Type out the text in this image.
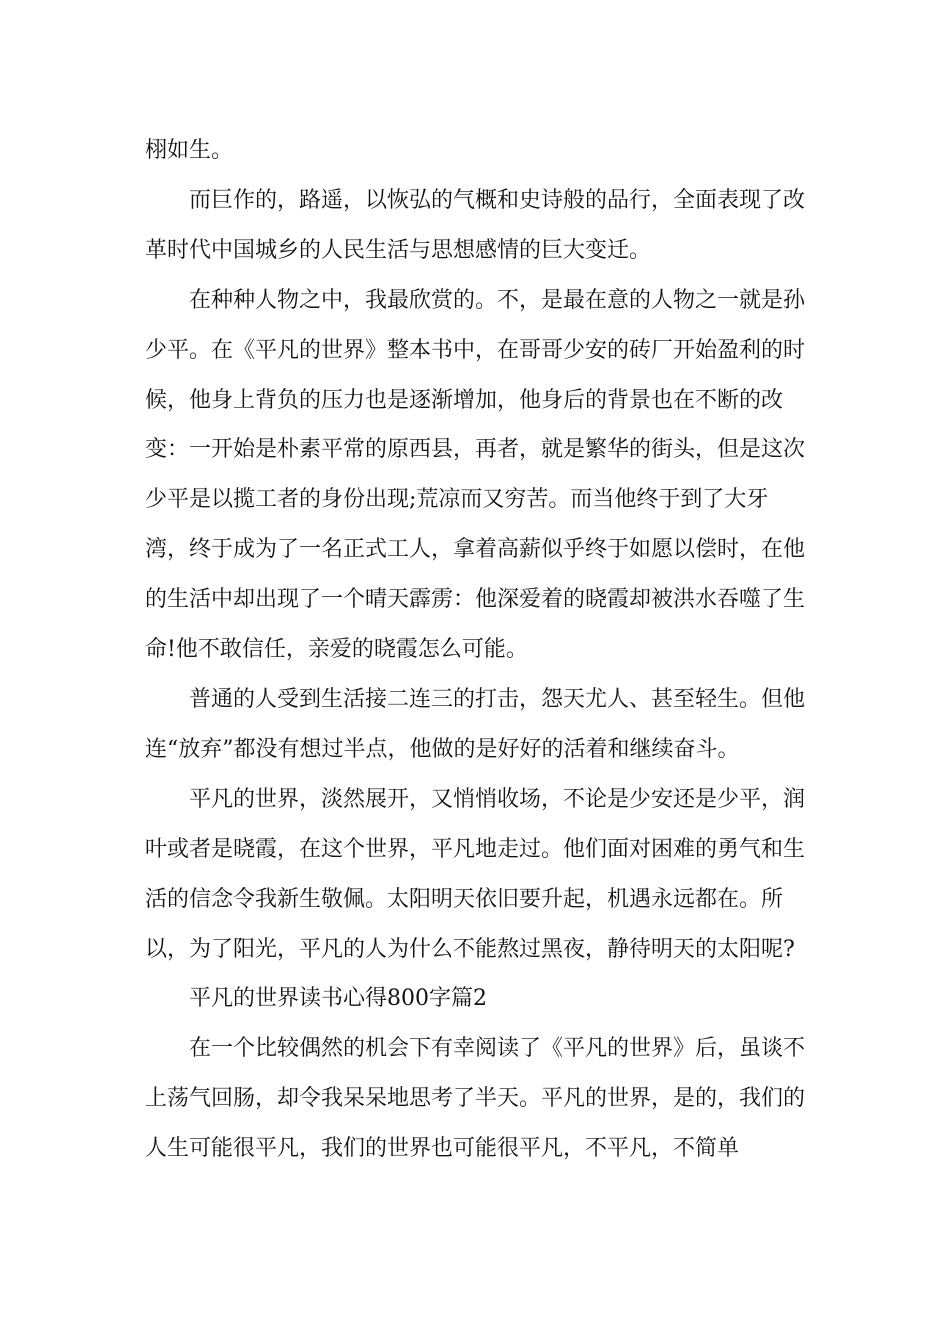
栩如生。

而巨作的，路遥，以恢弘的气概和史诗般的品行，全面表现了改革时代中国城乡的人民生活与思想感情的巨大变迁。

在种种人物之中，我最欣赏的。不，是最在意的人物之一就是孙少平。在《平凡的世界》整本书中，在哥哥少安的砖厂开始盈利的时候，他身上背负的压力也是逐渐增加，他身后的背景也在不断的改变：一开始是朴素平常的原西县，再者，就是繁华的街头，但是这次少平是以揽工者的身份出现;荒凉而又穷苦。而当他终于到了大牙湾，终于成为了一名正式工人，拿着高薪似乎终于如愿以偿时，在他的生活中却出现了一个晴天霹雳：他深爱着的晓霞却被洪水吞噬了生命!他不敢信任，亲爱的晓霞怎么可能。

普通的人受到生活接二连三的打击，怨天尤人、甚至轻生。但他连“放弃”都没有想过半点，他做的是好好的活着和继续奋斗。

平凡的世界，淡然展开，又悄悄收场，不论是少安还是少平，润叶或者是晓霞，在这个世界，平凡地走过。他们面对困难的勇气和生活的信念令我新生敬佩。太阳明天依旧要升起，机遇永远都在。所以，为了阳光，平凡的人为什么不能熬过黑夜，静待明天的太阳呢?

平凡的世界读书心得800字篇2

在一个比较偶然的机会下有幸阅读了《平凡的世界》后，虽谈不上荡气回肠，却令我呆呆地思考了半天。平凡的世界，是的，我们的人生可能很平凡，我们的世界也可能很平凡，不平凡，不简单
